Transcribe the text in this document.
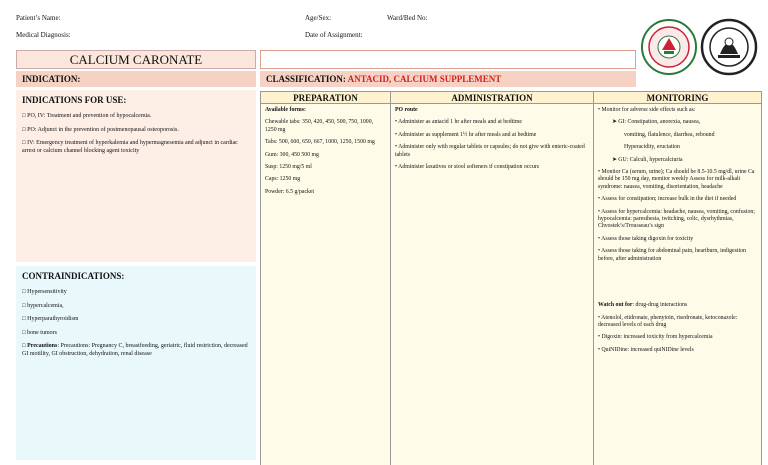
Patient’s Name:	Age/Sex:	Ward/Bed No:
Medical Diagnosis:	Date of Assignment:
CALCIUM CARONATE
INDICATION:	CLASSIFICATION: ANTACID, CALCIUM SUPPLEMENT
INDICATIONS FOR USE:
□ PO, IV: Treatment and prevention of hypocalcemia.
□ PO: Adjunct in the prevention of postmenopausal osteoporosis.
□ IV: Emergency treatment of hyperkalemia and hypermagnesemia and adjunct in cardiac arrest or calcium channel blocking agent toxicity
CONTRAINDICATIONS:
□ Hypersensitivity
□ hypercalcemia,
□ Hyperparathyroidism
□ bone tumors
□ Precautions: Precautions: Pregnancy C, breastfeeding, geriatric, fluid restriction, decreased GI motility, GI obstruction, dehydration, renal disease
PREPARATION

Available forms:

Chewable tabs: 350, 420, 450, 500, 750, 1000, 1250 mg

Tabs: 500, 600, 650, 667, 1000, 1250, 1500 mg

Gum: 300, 450 500 mg

Susp: 1250 mg/5 ml

Caps: 1250 mg

Powder: 6.5 g/packet

ADMINISTRATION

PO route

• Administer as antacid 1 hr after meals and at bedtime

• Administer as supplement 1½ hr after meals and at bedtime

• Administer only with regular tablets or capsules; do not give with enteric-coated tablets

• Administer laxatives or stool softeners if constipation occurs

MONITORING

• Monitor for adverse side effects such as:

➤ GI: Constipation, anorexia, nausea,

vomiting, flatulence, diarrhea, rebound

Hyperacidity, eructation

➤ GU: Calculi, hypercalciuria

• Monitor Ca (serum, urine); Ca should be 8.5-10.5 mg/dl, urine Ca should be 150 mg day, monitor weekly Assess for milk-alkali syndrome: nausea, vomiting, disorientation, headache

• Assess for constipation; increase bulk in the diet if needed

• Assess for hypercalcemia: headache, nausea, vomiting, confusion; hypocalcemia: paresthesia, twitching, colic, dysrhythmias, Chvostek’s/Trousseau’s sign

• Assess those taking digoxin for toxicity

• Assess those taking for abdominal pain, heartburn, indigestion before, after administration

Watch out for: drug-drug interactions

• Atenolol, etidronate, phenytoin, risedronate, ketoconazole: decreased levels of each drug

• Digoxin: increased toxicity from hypercalcemia

• QuiNIDine: increased quiNIDine levels
